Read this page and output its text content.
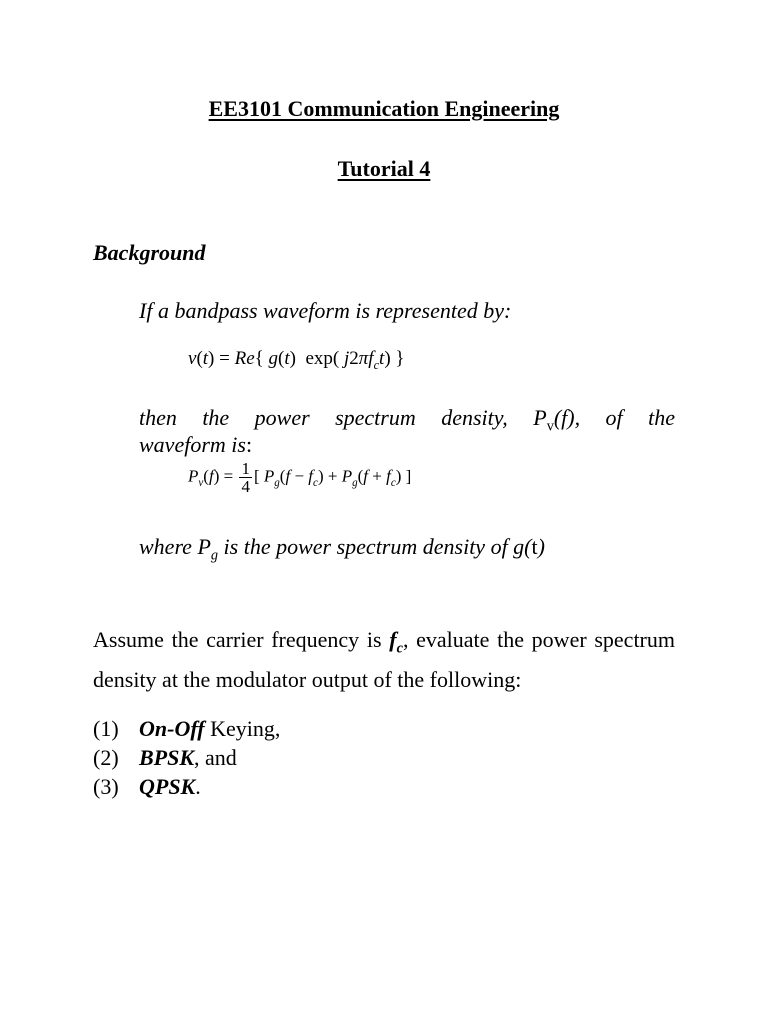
EE3101 Communication Engineering
Tutorial 4
Background
If a bandpass waveform is represented by:
v(t) = Re{ g(t)  exp( $j2\pi f_ct$) }
then the power spectrum density, $P_v(f)$, of the
waveform is:
$P_v(f) = \frac{1}{4}$ [ $P_g(f - f_c) + P_g(f + f_c)$ ]
where $P_g$ is the power spectrum density of g(t)
Assume the carrier frequency is $f_c$, evaluate the power spectrum density at the modulator output of the following:
(1) On-Off Keying,
(2) BPSK, and
(3) QPSK.
